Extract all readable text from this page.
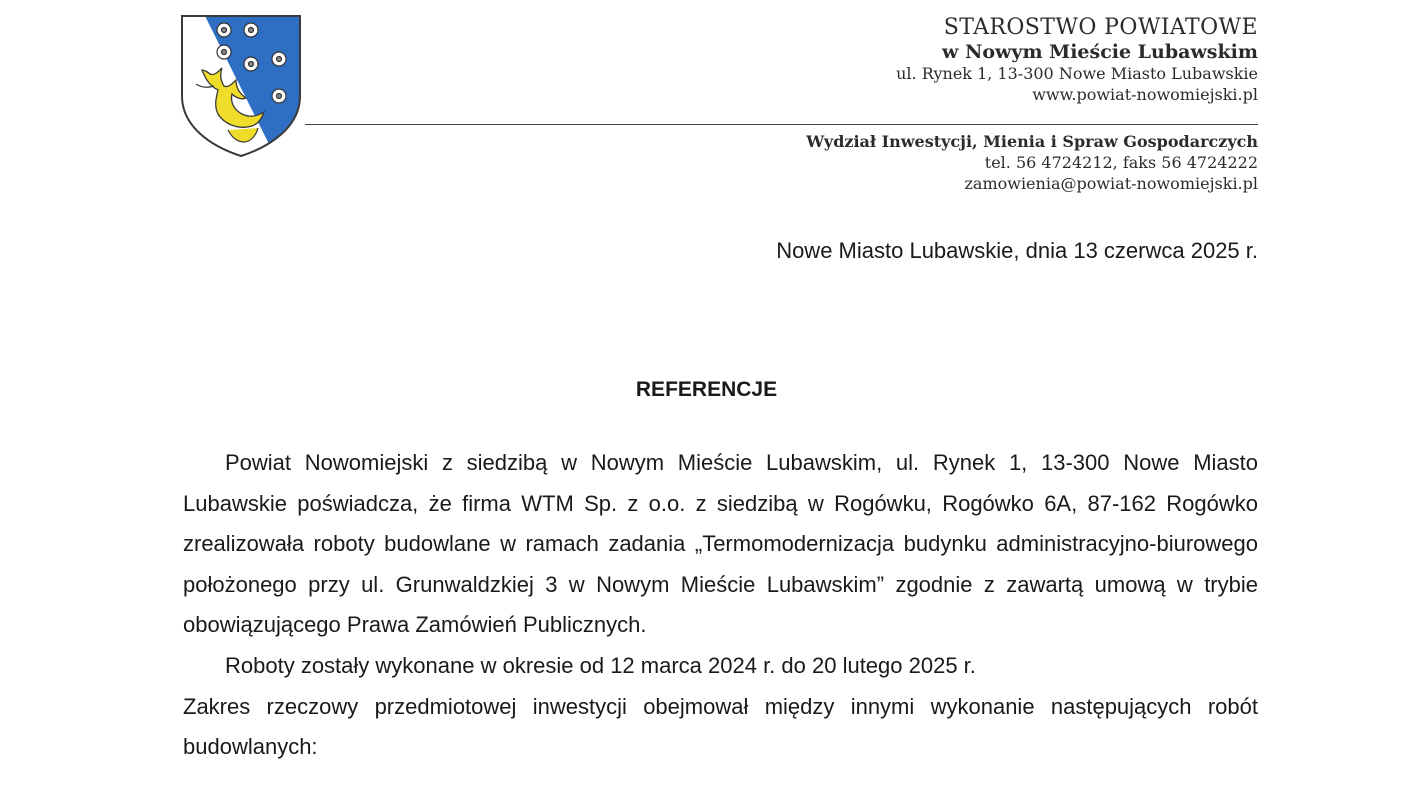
STAROSTWO POWIATOWE
w Nowym Mieście Lubawskim
ul. Rynek 1, 13-300 Nowe Miasto Lubawskie
www.powiat-nowomiejski.pl
Wydział Inwestycji, Mienia i Spraw Gospodarczych
tel. 56 4724212, faks 56 4724222
zamowienia@powiat-nowomiejski.pl
Nowe Miasto Lubawskie, dnia 13 czerwca 2025 r.
REFERENCJE

Powiat Nowomiejski z siedzibą w Nowym Mieście Lubawskim, ul. Rynek 1, 13-300 Nowe Miasto Lubawskie poświadcza, że firma WTM Sp. z o.o. z siedzibą w Rogówku, Rogówko 6A, 87-162 Rogówko zrealizowała roboty budowlane w ramach zadania „Termomodernizacja budynku administracyjno-biurowego położonego przy ul. Grunwaldzkiej 3 w Nowym Mieście Lubawskim” zgodnie z zawartą umową w trybie obowiązującego Prawa Zamówień Publicznych.

Roboty zostały wykonane w okresie od 12 marca 2024 r. do 20 lutego 2025 r.

Zakres rzeczowy przedmiotowej inwestycji obejmował między innymi wykonanie następujących robót budowlanych:
